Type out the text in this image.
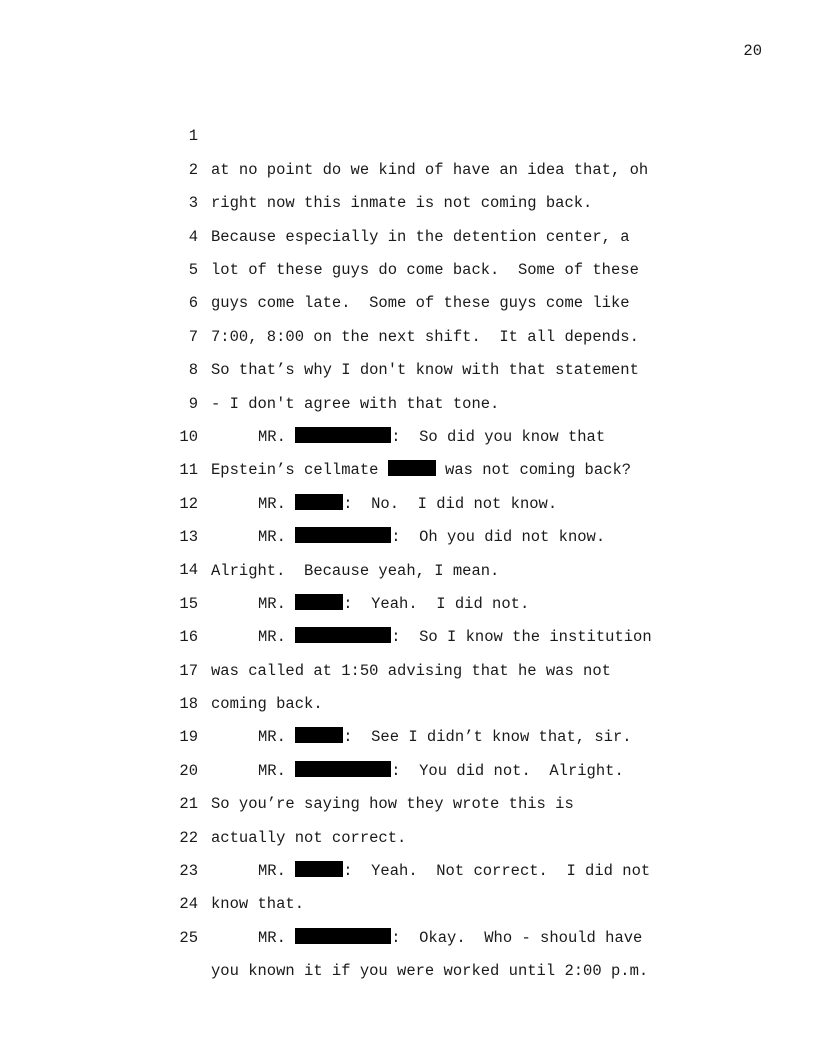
20

1

at no point do we kind of have an idea that, oh

2

right now this inmate is not coming back.

3

Because especially in the detention center, a

4

lot of these guys do come back.  Some of these

5

guys come late.  Some of these guys come like

6

7:00, 8:00 on the next shift.  It all depends.

7

So that’s why I don't know with that statement

8

- I don't agree with that tone.

9

MR.	:  So did you know that

10

Epstein’s cellmate	was not coming back?

11

MR.	:  No.  I did not know.

12

MR.	:  Oh you did not know.

13

Alright.  Because yeah, I mean.

14

MR.	:  Yeah.  I did not.

15

MR.	:  So I know the institution

16

was called at 1:50 advising that he was not

17

coming back.

18

MR.	:  See I didn’t know that, sir.

19

MR.	:  You did not.  Alright.

20

So you’re saying how they wrote this is

21

actually not correct.

22

MR.	:  Yeah.  Not correct.  I did not

23

know that.

24

MR.	:  Okay.  Who - should have

25

you known it if you were worked until 2:00 p.m.
